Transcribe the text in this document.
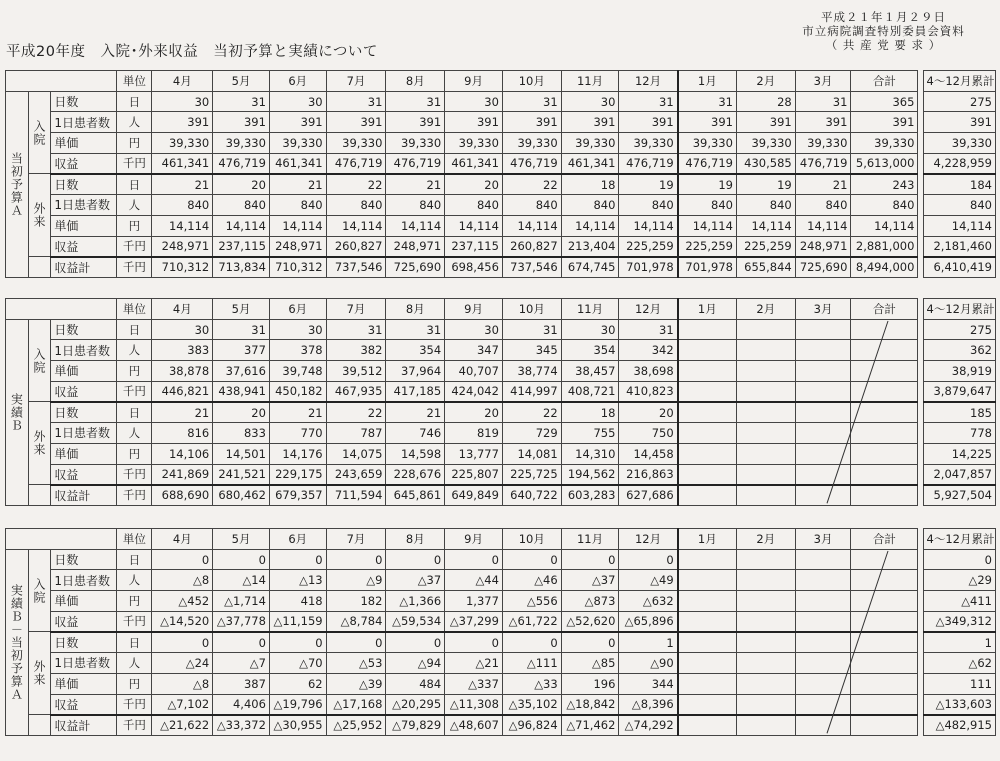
平成２１年１月２９日
市立病院調査特別委員会資料
（ 共 産 党 要 求 ）
平成20年度　入院･外来収益　当初予算と実績について
			単位	4月	5月	6月	7月	8月	9月	10月	11月	12月	1月	2月	3月	合計		4～12月累計
当初予算Ａ	入院	日数	日	30	31	30	31	31	30	31	30	31	31	28	31	365		275
		1日患者数	人	391	391	391	391	391	391	391	391	391	391	391	391	391		391
		単価	円	39,330	39,330	39,330	39,330	39,330	39,330	39,330	39,330	39,330	39,330	39,330	39,330	39,330		39,330
		収益	千円	461,341	476,719	461,341	476,719	476,719	461,341	476,719	461,341	476,719	476,719	430,585	476,719	5,613,000		4,228,959
	外来	日数	日	21	20	21	22	21	20	22	18	19	19	19	21	243		184
		1日患者数	人	840	840	840	840	840	840	840	840	840	840	840	840	840		840
		単価	円	14,114	14,114	14,114	14,114	14,114	14,114	14,114	14,114	14,114	14,114	14,114	14,114	14,114		14,114
		収益	千円	248,971	237,115	248,971	260,827	248,971	237,115	260,827	213,404	225,259	225,259	225,259	248,971	2,881,000		2,181,460
		収益計	千円	710,312	713,834	710,312	737,546	725,690	698,456	737,546	674,745	701,978	701,978	655,844	725,690	8,494,000		6,410,419
			単位	4月	5月	6月	7月	8月	9月	10月	11月	12月	1月	2月	3月	合計		4～12月累計
実績Ｂ	入院	日数	日	30	31	30	31	31	30	31	30	31						275
		1日患者数	人	383	377	378	382	354	347	345	354	342						362
		単価	円	38,878	37,616	39,748	39,512	37,964	40,707	38,774	38,457	38,698						38,919
		収益	千円	446,821	438,941	450,182	467,935	417,185	424,042	414,997	408,721	410,823						3,879,647
	外来	日数	日	21	20	21	22	21	20	22	18	20						185
		1日患者数	人	816	833	770	787	746	819	729	755	750						778
		単価	円	14,106	14,501	14,176	14,075	14,598	13,777	14,081	14,310	14,458						14,225
		収益	千円	241,869	241,521	229,175	243,659	228,676	225,807	225,725	194,562	216,863						2,047,857
		収益計	千円	688,690	680,462	679,357	711,594	645,861	649,849	640,722	603,283	627,686						5,927,504
			単位	4月	5月	6月	7月	8月	9月	10月	11月	12月	1月	2月	3月	合計		4～12月累計
実績Ｂ－当初予算Ａ	入院	日数	日	0	0	0	0	0	0	0	0	0						0
		1日患者数	人	△8	△14	△13	△9	△37	△44	△46	△37	△49						△29
		単価	円	△452	△1,714	418	182	△1,366	1,377	△556	△873	△632						△411
		収益	千円	△14,520	△37,778	△11,159	△8,784	△59,534	△37,299	△61,722	△52,620	△65,896						△349,312
	外来	日数	日	0	0	0	0	0	0	0	0	1						1
		1日患者数	人	△24	△7	△70	△53	△94	△21	△111	△85	△90						△62
		単価	円	△8	387	62	△39	484	△337	△33	196	344						111
		収益	千円	△7,102	4,406	△19,796	△17,168	△20,295	△11,308	△35,102	△18,842	△8,396						△133,603
		収益計	千円	△21,622	△33,372	△30,955	△25,952	△79,829	△48,607	△96,824	△71,462	△74,292						△482,915
